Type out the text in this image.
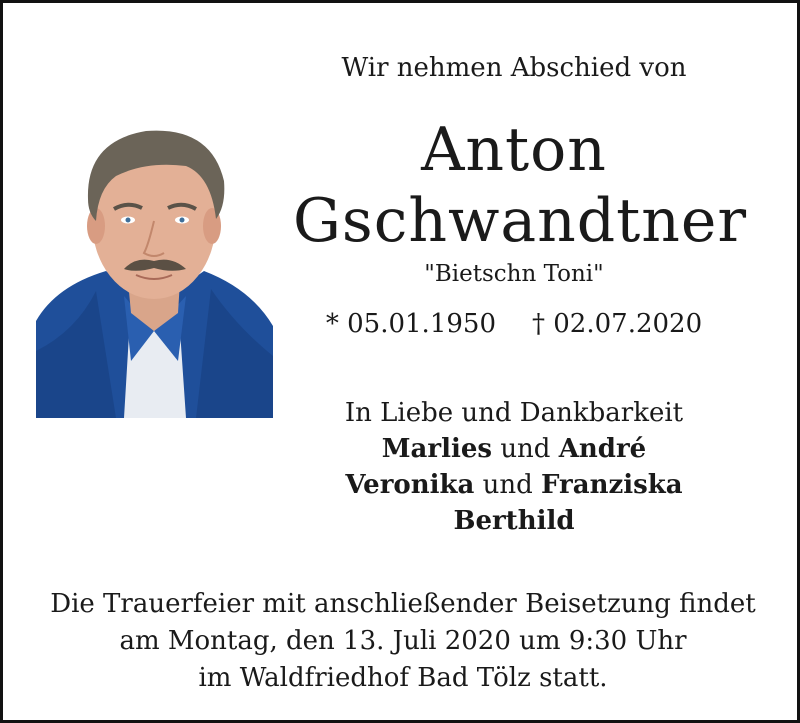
Wir nehmen Abschied von
Anton
Gschwandtner
"Bietschn Toni"
* 05.01.1950 † 02.07.2020
In Liebe und Dankbarkeit
Marlies und André
Veronika und Franziska
Berthild
Die Trauerfeier mit anschließender Beisetzung findet
am Montag, den 13. Juli 2020 um 9:30 Uhr
im Waldfriedhof Bad Tölz statt.
